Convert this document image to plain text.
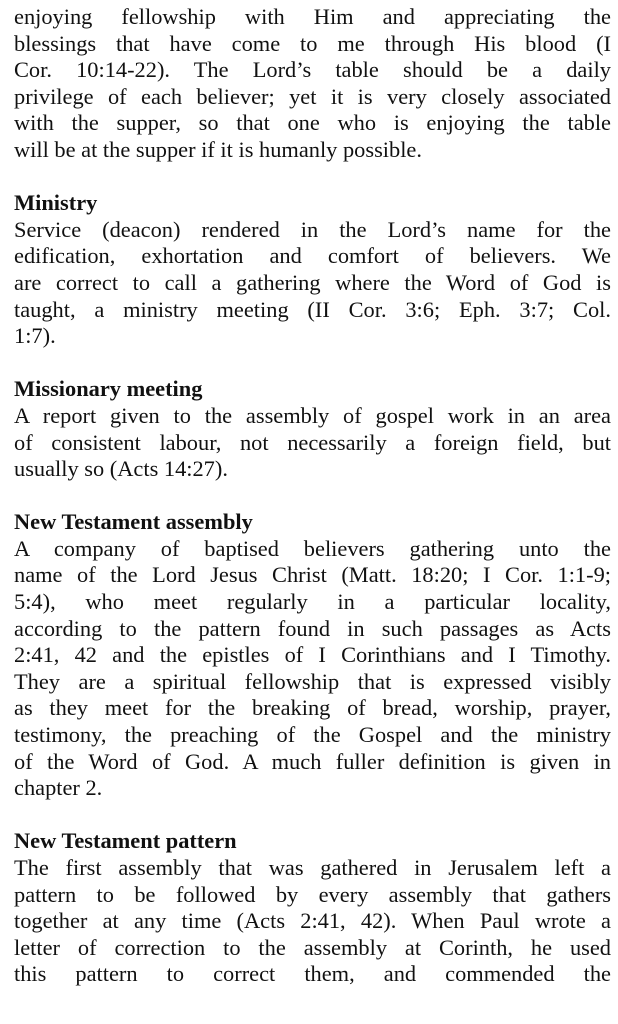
enjoying fellowship with Him and appreciating the
blessings that have come to me through His blood (I
Cor. 10:14-22). The Lord’s table should be a daily
privilege of each believer; yet it is very closely associated
with the supper, so that one who is enjoying the table
will be at the supper if it is humanly possible.
Ministry
Service (deacon) rendered in the Lord’s name for the
edification, exhortation and comfort of believers. We
are correct to call a gathering where the Word of God is
taught, a ministry meeting (II Cor. 3:6; Eph. 3:7; Col.
1:7).
Missionary meeting
A report given to the assembly of gospel work in an area
of consistent labour, not necessarily a foreign field, but
usually so (Acts 14:27).
New Testament assembly
A company of baptised believers gathering unto the
name of the Lord Jesus Christ (Matt. 18:20; I Cor. 1:1-9;
5:4), who meet regularly in a particular locality,
according to the pattern found in such passages as Acts
2:41, 42 and the epistles of I Corinthians and I Timothy.
They are a spiritual fellowship that is expressed visibly
as they meet for the breaking of bread, worship, prayer,
testimony, the preaching of the Gospel and the ministry
of the Word of God. A much fuller definition is given in
chapter 2.
New Testament pattern
The first assembly that was gathered in Jerusalem left a
pattern to be followed by every assembly that gathers
together at any time (Acts 2:41, 42). When Paul wrote a
letter of correction to the assembly at Corinth, he used
this pattern to correct them, and commended the
